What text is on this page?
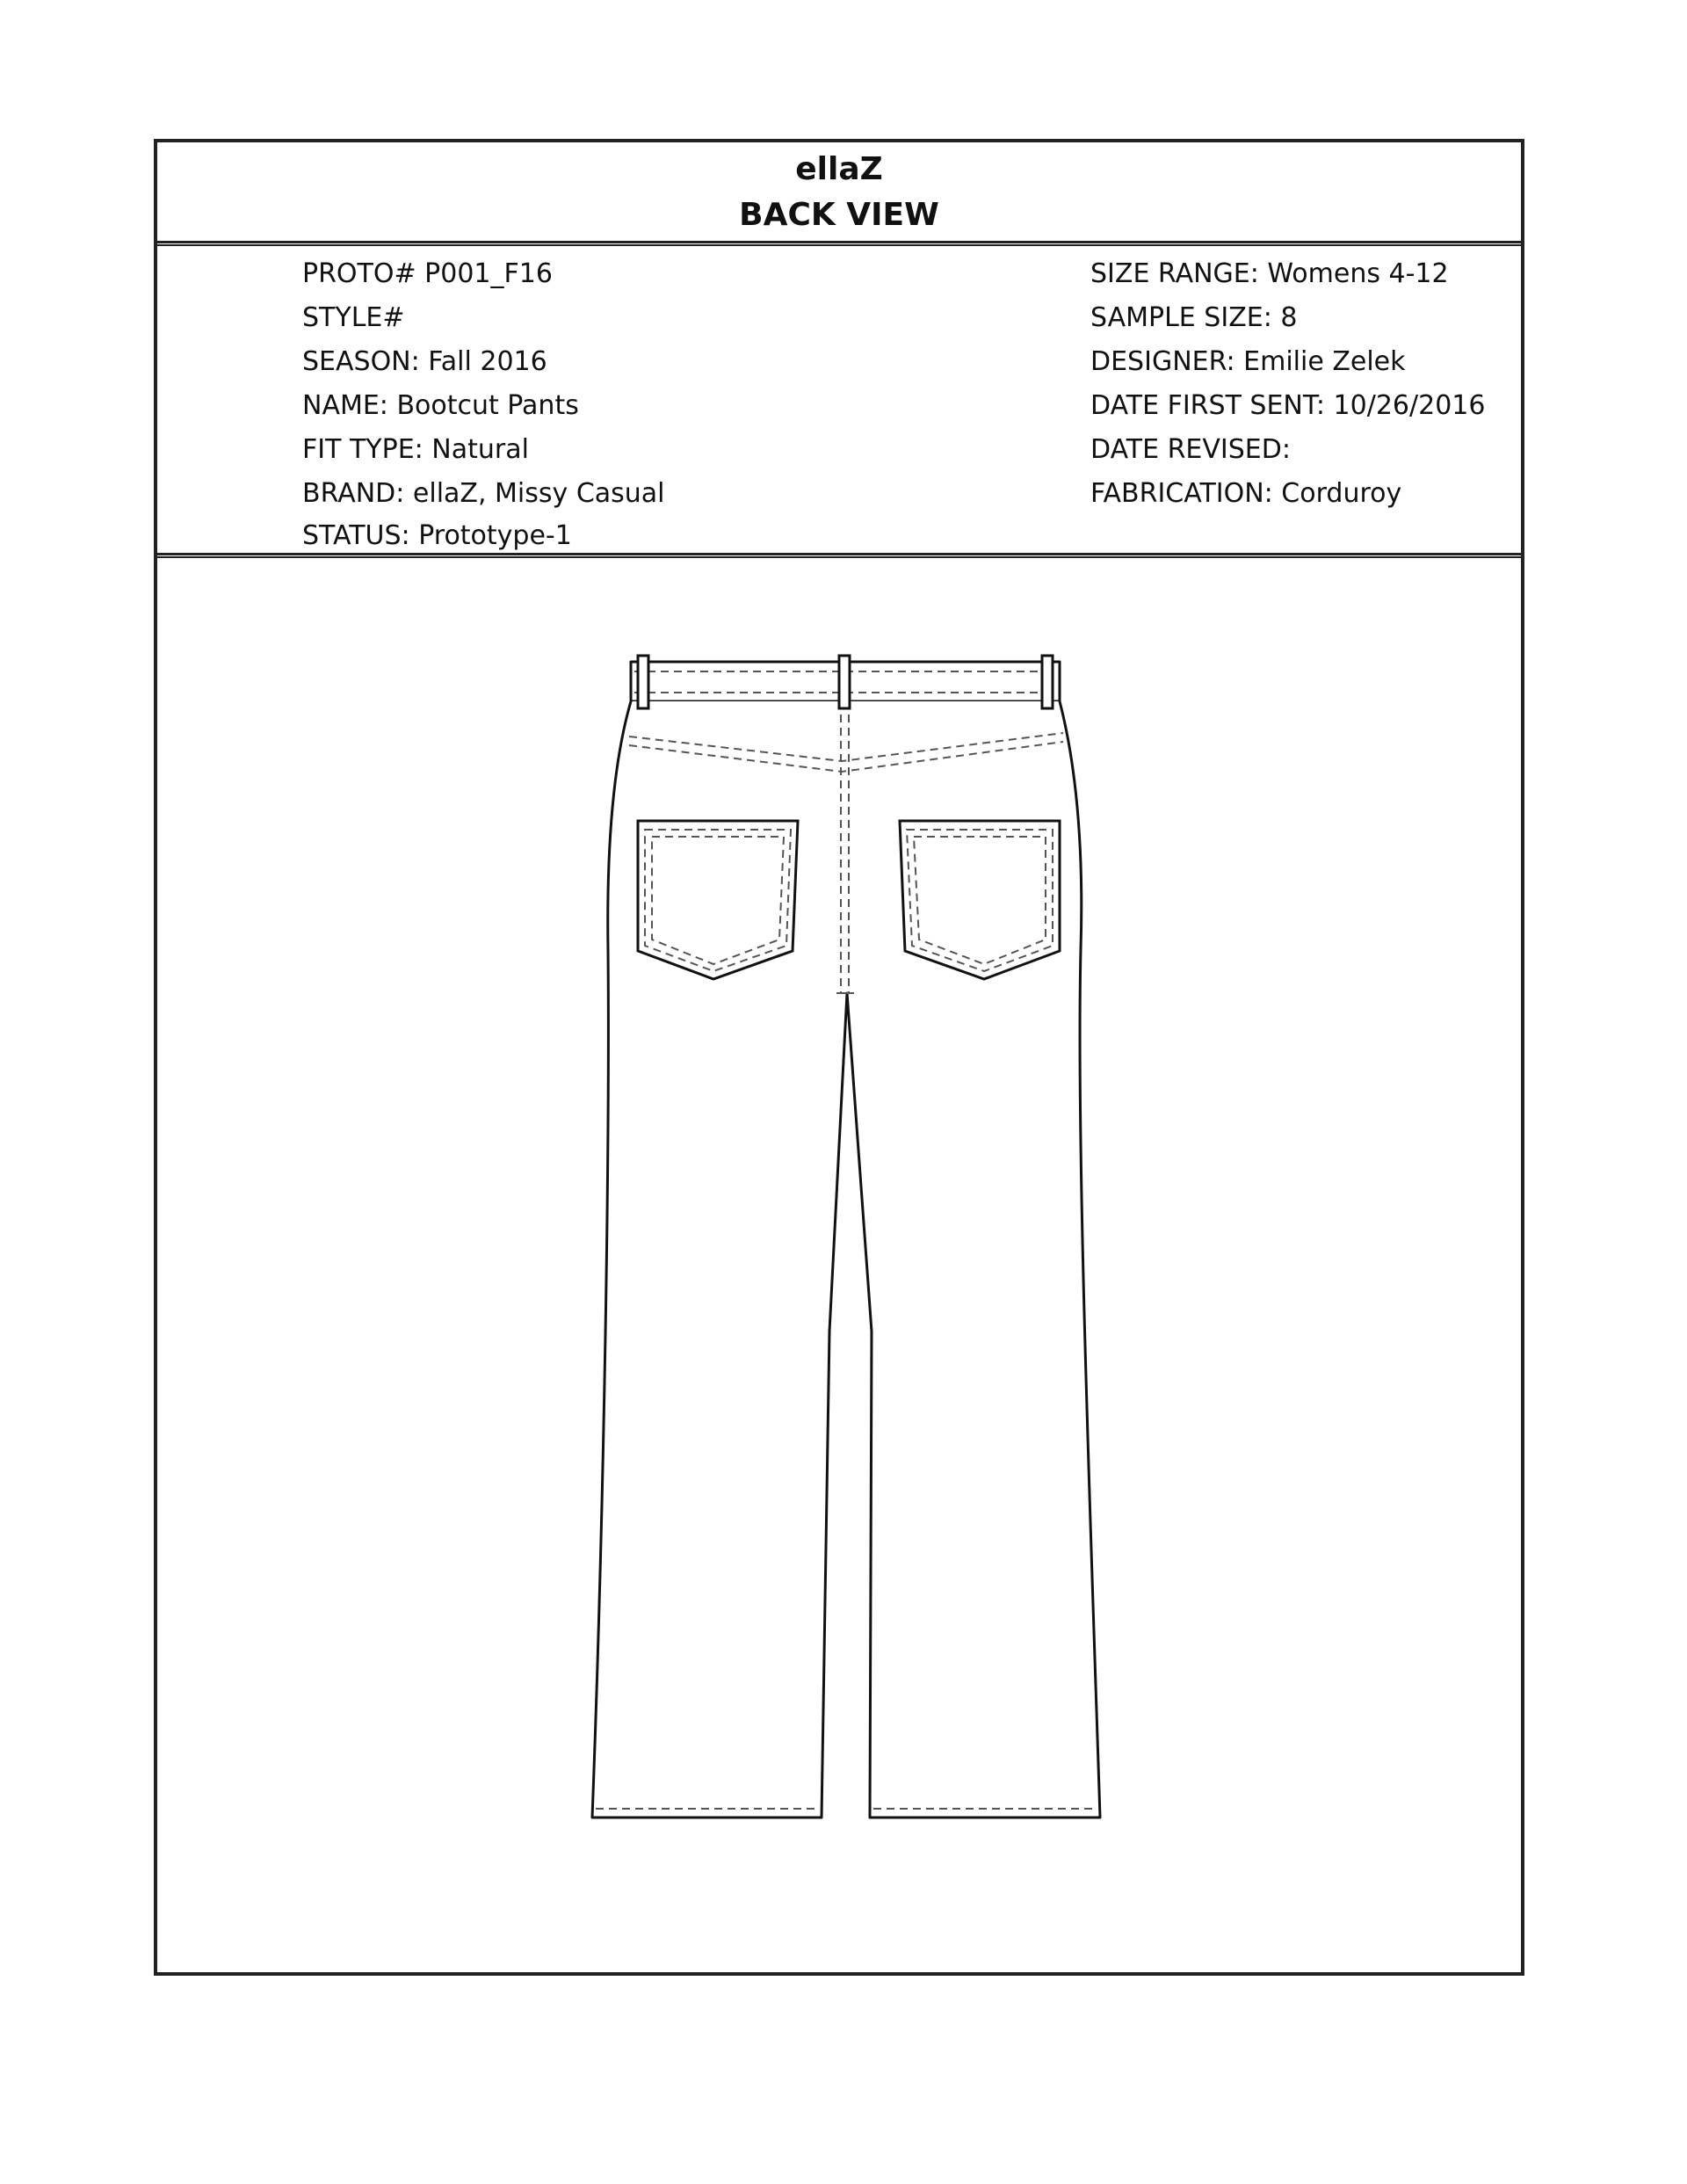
ellaZ
BACK VIEW
PROTO# P001_F16
STYLE#
SEASON: Fall 2016
NAME: Bootcut Pants
FIT TYPE: Natural
BRAND: ellaZ, Missy Casual
STATUS: Prototype-1
SIZE RANGE: Womens 4-12
SAMPLE SIZE: 8
DESIGNER: Emilie Zelek
DATE FIRST SENT: 10/26/2016
DATE REVISED:
FABRICATION: Corduroy
